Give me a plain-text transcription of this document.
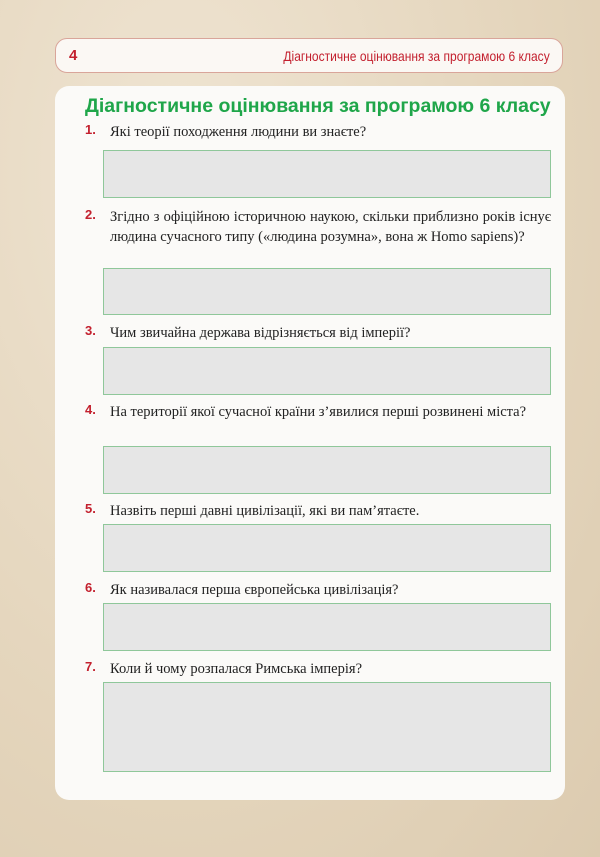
4	Діагностичне оцінювання за програмою 6 класу
Діагностичне оцінювання за програмою 6 класу
1. Які теорії походження людини ви знаєте?
2. Згідно з офіційною історичною наукою, скільки приблизно років існує людина сучасного типу («людина розумна», вона ж Homo sapiens)?
3. Чим звичайна держава відрізняється від імперії?
4. На території якої сучасної країни з’явилися перші розвинені міста?
5. Назвіть перші давні цивілізації, які ви пам’ятаєте.
6. Як називалася перша європейська цивілізація?
7. Коли й чому розпалася Римська імперія?
